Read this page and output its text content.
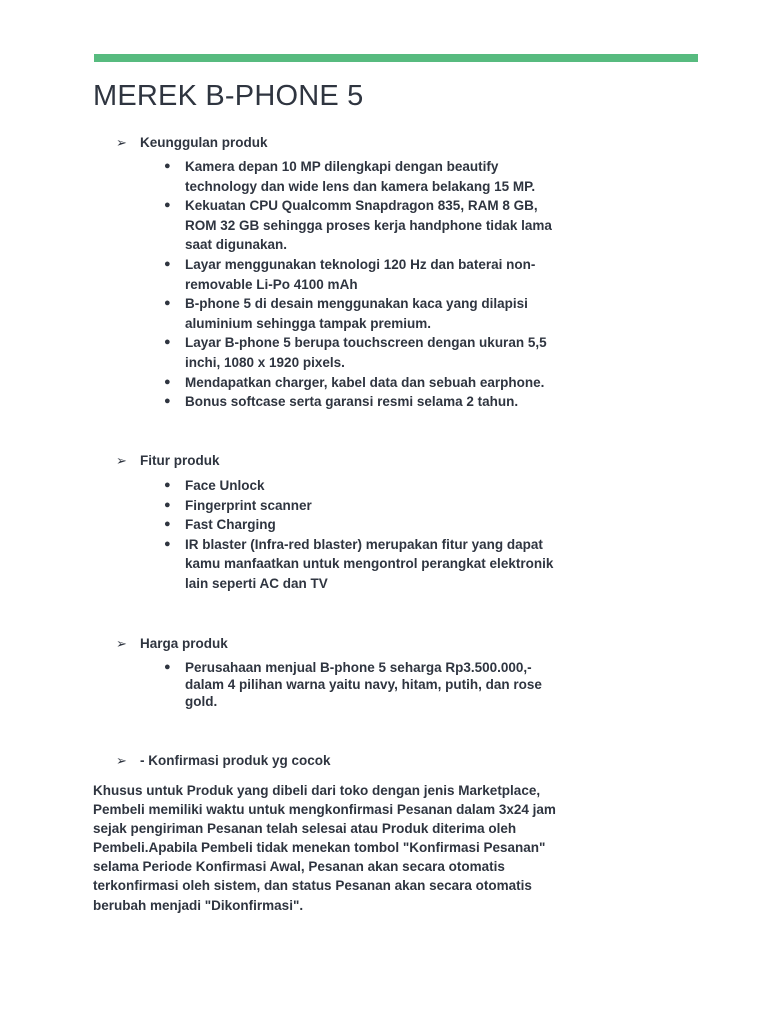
MEREK B-PHONE 5
➢ Keunggulan produk
● Kamera depan 10 MP dilengkapi dengan beautify technology dan wide lens dan kamera belakang 15 MP.
● Kekuatan CPU Qualcomm Snapdragon 835, RAM 8 GB, ROM 32 GB sehingga proses kerja handphone tidak lama saat digunakan.
● Layar menggunakan teknologi 120 Hz dan baterai non-removable Li-Po 4100 mAh
● B-phone 5 di desain menggunakan kaca yang dilapisi aluminium sehingga tampak premium.
● Layar B-phone 5 berupa touchscreen dengan ukuran 5,5 inchi, 1080 x 1920 pixels.
● Mendapatkan charger, kabel data dan sebuah earphone.
● Bonus softcase serta garansi resmi selama 2 tahun.
➢ Fitur produk
● Face Unlock
● Fingerprint scanner
● Fast Charging
● IR blaster (Infra-red blaster) merupakan fitur yang dapat kamu manfaatkan untuk mengontrol perangkat elektronik lain seperti AC dan TV
➢ Harga produk
● Perusahaan menjual B-phone 5 seharga Rp3.500.000,- dalam 4 pilihan warna yaitu navy, hitam, putih, dan rose gold.
➢ - Konfirmasi produk yg cocok

Khusus untuk Produk yang dibeli dari toko dengan jenis Marketplace, Pembeli memiliki waktu untuk mengkonfirmasi Pesanan dalam 3x24 jam sejak pengiriman Pesanan telah selesai atau Produk diterima oleh Pembeli.Apabila Pembeli tidak menekan tombol "Konfirmasi Pesanan" selama Periode Konfirmasi Awal, Pesanan akan secara otomatis terkonfirmasi oleh sistem, dan status Pesanan akan secara otomatis berubah menjadi "Dikonfirmasi".
